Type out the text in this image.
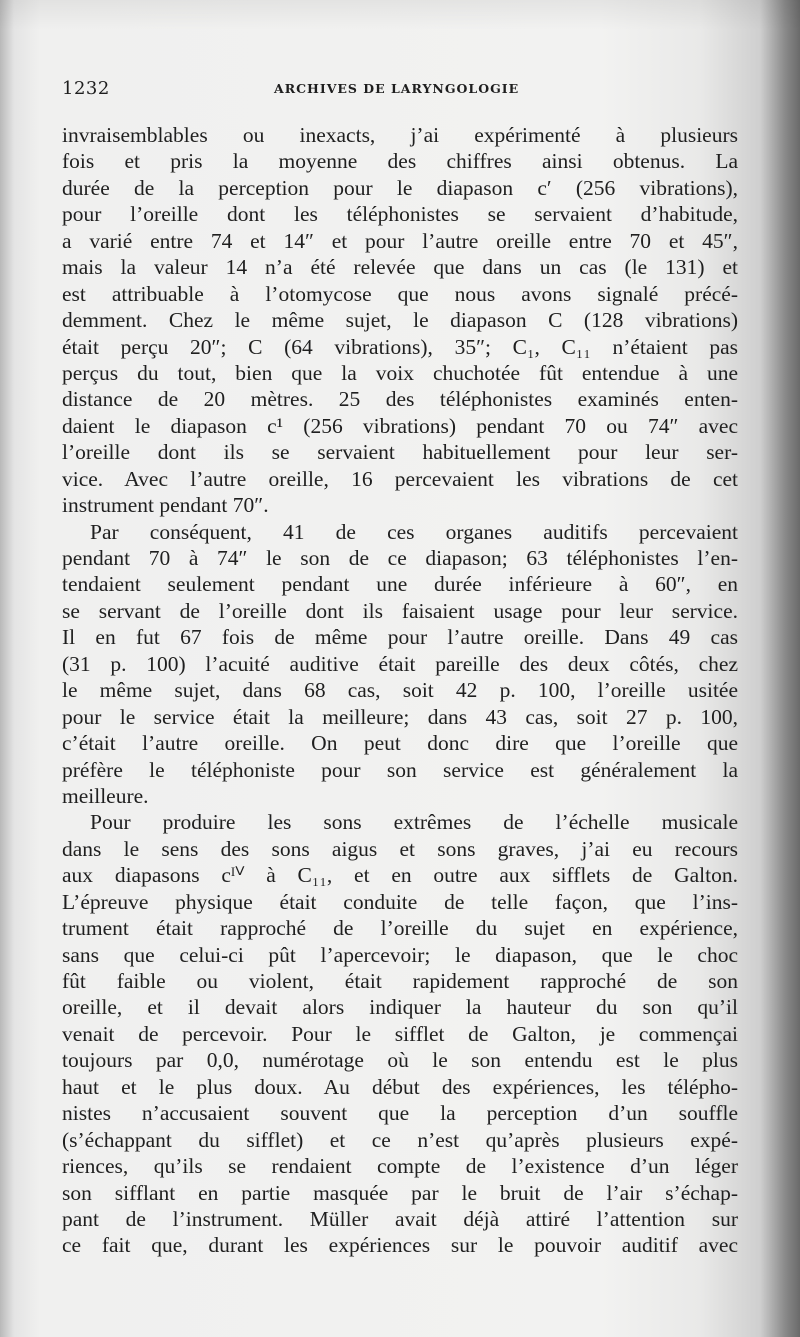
1232	ARCHIVES DE LARYNGOLOGIE
invraisemblables ou inexacts, j’ai expérimenté à plusieurs
fois et pris la moyenne des chiffres ainsi obtenus. La
durée de la perception pour le diapason c′ (256 vibrations),
pour l’oreille dont les téléphonistes se servaient d’habitude,
a varié entre 74 et 14″ et pour l’autre oreille entre 70 et 45″,
mais la valeur 14 n’a été relevée que dans un cas (le 131) et
est attribuable à l’otomycose que nous avons signalé précé-
demment. Chez le même sujet, le diapason C (128 vibrations)
était perçu 20″; C (64 vibrations), 35″; C₁, C₁₁ n’étaient pas
perçus du tout, bien que la voix chuchotée fût entendue à une
distance de 20 mètres. 25 des téléphonistes examinés enten-
daient le diapason c¹ (256 vibrations) pendant 70 ou 74″ avec
l’oreille dont ils se servaient habituellement pour leur ser-
vice. Avec l’autre oreille, 16 percevaient les vibrations de cet
instrument pendant 70″.
Par conséquent, 41 de ces organes auditifs percevaient
pendant 70 à 74″ le son de ce diapason; 63 téléphonistes l’en-
tendaient seulement pendant une durée inférieure à 60″, en
se servant de l’oreille dont ils faisaient usage pour leur service.
Il en fut 67 fois de même pour l’autre oreille. Dans 49 cas
(31 p. 100) l’acuité auditive était pareille des deux côtés, chez
le même sujet, dans 68 cas, soit 42 p. 100, l’oreille usitée
pour le service était la meilleure; dans 43 cas, soit 27 p. 100,
c’était l’autre oreille. On peut donc dire que l’oreille que
préfère le téléphoniste pour son service est généralement la
meilleure.
Pour produire les sons extrêmes de l’échelle musicale
dans le sens des sons aigus et sons graves, j’ai eu recours
aux diapasons cᴵⱽ à C₁₁, et en outre aux sifflets de Galton.
L’épreuve physique était conduite de telle façon, que l’ins-
trument était rapproché de l’oreille du sujet en expérience,
sans que celui-ci pût l’apercevoir; le diapason, que le choc
fût faible ou violent, était rapidement rapproché de son
oreille, et il devait alors indiquer la hauteur du son qu’il
venait de percevoir. Pour le sifflet de Galton, je commençai
toujours par 0,0, numérotage où le son entendu est le plus
haut et le plus doux. Au début des expériences, les télépho-
nistes n’accusaient souvent que la perception d’un souffle
(s’échappant du sifflet) et ce n’est qu’après plusieurs expé-
riences, qu’ils se rendaient compte de l’existence d’un léger
son sifflant en partie masquée par le bruit de l’air s’échap-
pant de l’instrument. Müller avait déjà attiré l’attention sur
ce fait que, durant les expériences sur le pouvoir auditif avec
